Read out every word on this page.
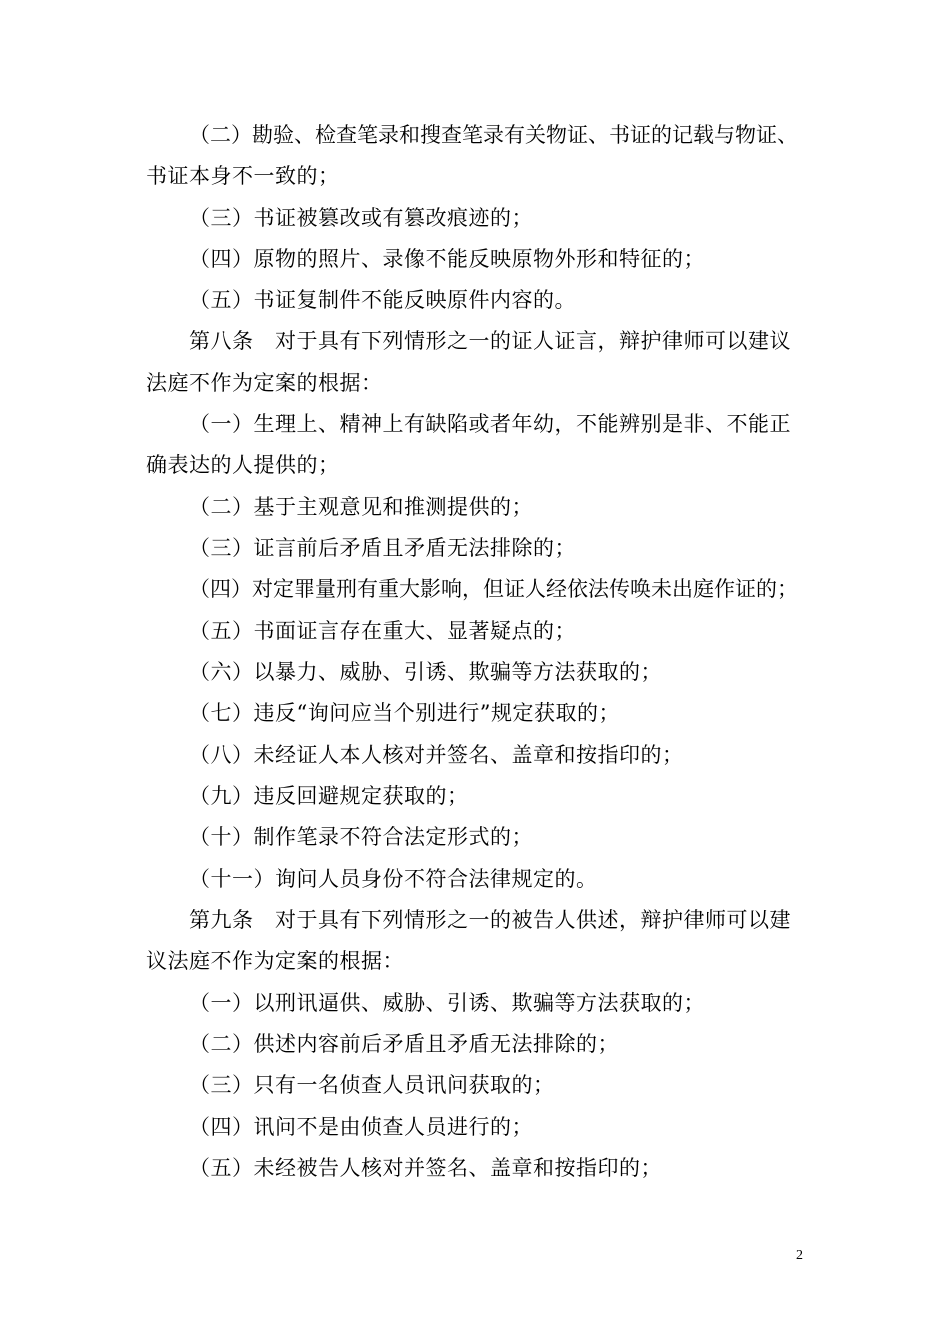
（二）勘验、检查笔录和搜查笔录有关物证、书证的记载与物证、
书证本身不一致的；
（三）书证被篡改或有篡改痕迹的；
（四）原物的照片、录像不能反映原物外形和特征的；
（五）书证复制件不能反映原件内容的。
第八条　对于具有下列情形之一的证人证言，辩护律师可以建议
法庭不作为定案的根据：
（一）生理上、精神上有缺陷或者年幼，不能辨别是非、不能正
确表达的人提供的；
（二）基于主观意见和推测提供的；
（三）证言前后矛盾且矛盾无法排除的；
（四）对定罪量刑有重大影响，但证人经依法传唤未出庭作证的；
（五）书面证言存在重大、显著疑点的；
（六）以暴力、威胁、引诱、欺骗等方法获取的；
（七）违反“询问应当个别进行”规定获取的；
（八）未经证人本人核对并签名、盖章和按指印的；
（九）违反回避规定获取的；
（十）制作笔录不符合法定形式的；
（十一）询问人员身份不符合法律规定的。
第九条　对于具有下列情形之一的被告人供述，辩护律师可以建
议法庭不作为定案的根据：
（一）以刑讯逼供、威胁、引诱、欺骗等方法获取的；
（二）供述内容前后矛盾且矛盾无法排除的；
（三）只有一名侦查人员讯问获取的；
（四）讯问不是由侦查人员进行的；
（五）未经被告人核对并签名、盖章和按指印的；
2
